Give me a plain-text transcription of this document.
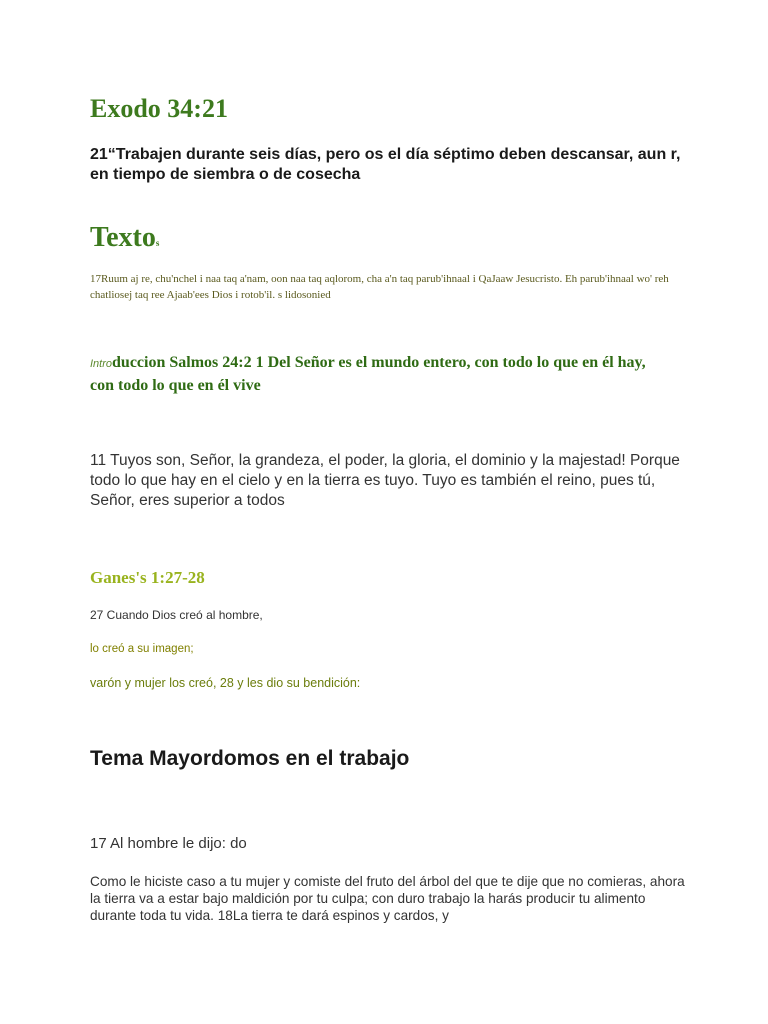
Exodo 34:21

21“Trabajen durante seis días, pero os el día séptimo deben descansar, aun r, en tiempo de siembra o de cosecha

Textos

17Ruum aj re, chu'nchel i naa taq a'nam, oon naa taq aqlorom, cha a'n taq parub'ihnaal i QaJaaw Jesucristo. Eh parub'ihnaal wo' reh chatliosej taq ree Ajaab'ees Dios i rotob'il. s lidosonied

Introduccion Salmos 24:2 1 Del Señor es el mundo entero, con todo lo que en él hay, con todo lo que en él vive

11 Tuyos son, Señor, la grandeza, el poder, la gloria, el dominio y la majestad! Porque todo lo que hay en el cielo y en la tierra es tuyo. Tuyo es también el reino, pues tú, Señor, eres superior a todos

Ganes's 1:27-28

27 Cuando Dios creó al hombre,

lo creó a su imagen;

varón y mujer los creó, 28 y les dio su bendición:

Tema Mayordomos en el trabajo

17 Al hombre le dijo: do

Como le hiciste caso a tu mujer y comiste del fruto del árbol del que te dije que no comieras, ahora la tierra va a estar bajo maldición por tu culpa; con duro trabajo la harás producir tu alimento durante toda tu vida. 18La tierra te dará espinos y cardos, y
